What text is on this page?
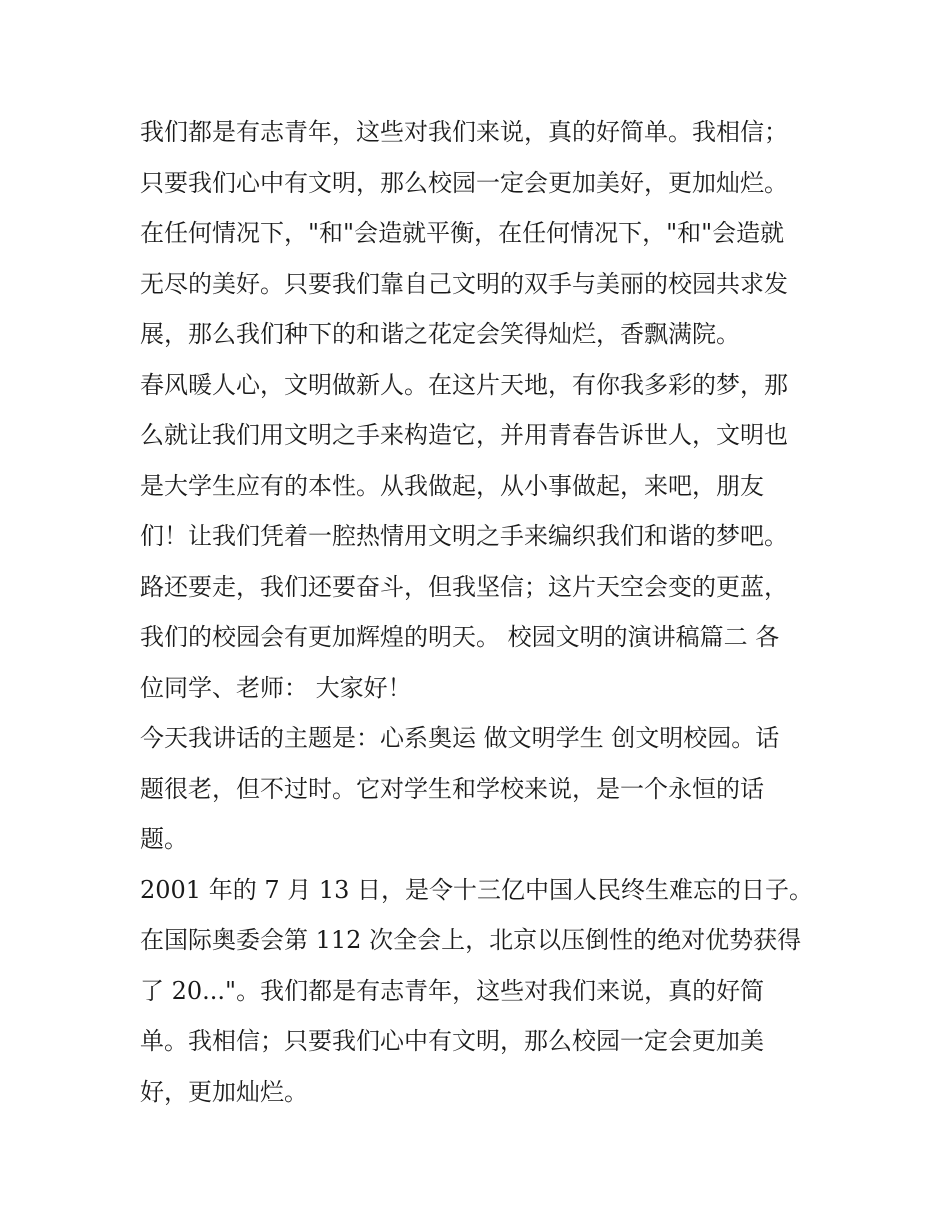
我们都是有志青年，这些对我们来说，真的好简单。我相信；
只要我们心中有文明，那么校园一定会更加美好，更加灿烂。
在任何情况下，"和"会造就平衡，在任何情况下，"和"会造就
无尽的美好。只要我们靠自己文明的双手与美丽的校园共求发
展，那么我们种下的和谐之花定会笑得灿烂，香飘满院。
春风暖人心，文明做新人。在这片天地，有你我多彩的梦，那
么就让我们用文明之手来构造它，并用青春告诉世人，文明也
是大学生应有的本性。从我做起，从小事做起，来吧，朋友
们！让我们凭着一腔热情用文明之手来编织我们和谐的梦吧。
路还要走，我们还要奋斗，但我坚信；这片天空会变的更蓝，
我们的校园会有更加辉煌的明天。 校园文明的演讲稿篇二 各
位同学、老师： 大家好！
今天我讲话的主题是：心系奥运 做文明学生 创文明校园。话
题很老，但不过时。它对学生和学校来说，是一个永恒的话
题。
2001 年的 7 月 13 日，是令十三亿中国人民终生难忘的日子。
在国际奥委会第 112 次全会上，北京以压倒性的绝对优势获得
了 20..."。我们都是有志青年，这些对我们来说，真的好简
单。我相信；只要我们心中有文明，那么校园一定会更加美
好，更加灿烂。
